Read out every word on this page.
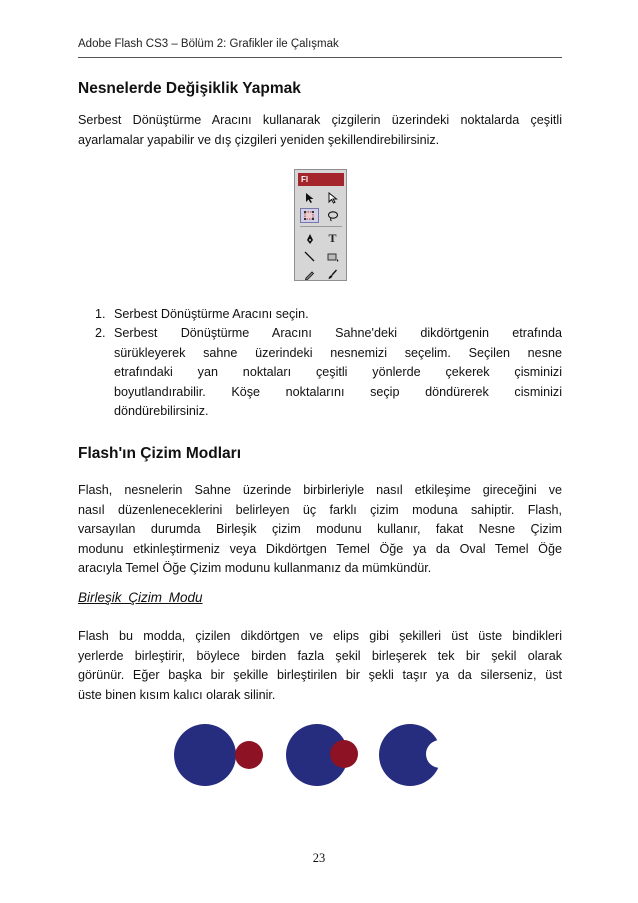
Adobe Flash CS3 – Bölüm 2: Grafikler ile Çalışmak
Nesnelerde Değişiklik Yapmak
Serbest Dönüştürme Aracını kullanarak çizgilerin üzerindeki noktalarda çeşitli
ayarlamalar yapabilir ve dış çizgileri yeniden şekillendirebilirsiniz.
Fl
T
1. Serbest Dönüştürme Aracını seçin.
2. Serbest Dönüştürme Aracını Sahne'deki dikdörtgenin etrafında
sürükleyerek sahne üzerindeki nesnemizi seçelim. Seçilen nesne
etrafındaki yan noktaları çeşitli yönlerde çekerek çisminizi
boyutlandırabilir. Köşe noktalarını seçip döndürerek cisminizi
döndürebilirsiniz.
Flash'ın Çizim Modları
Flash, nesnelerin Sahne üzerinde birbirleriyle nasıl etkileşime gireceğini ve
nasıl düzenleneceklerini belirleyen üç farklı çizim moduna sahiptir. Flash,
varsayılan durumda Birleşik çizim modunu kullanır, fakat Nesne Çizim
modunu etkinleştirmeniz veya Dikdörtgen Temel Öğe ya da Oval Temel Öğe
aracıyla Temel Öğe Çizim modunu kullanmanız da mümkündür.
Birleşik Çizim Modu
Flash bu modda, çizilen dikdörtgen ve elips gibi şekilleri üst üste bindikleri
yerlerde birleştirir, böylece birden fazla şekil birleşerek tek bir şekil olarak
görünür. Eğer başka bir şekille birleştirilen bir şekli taşır ya da silerseniz, üst
üste binen kısım kalıcı olarak silinir.
23
